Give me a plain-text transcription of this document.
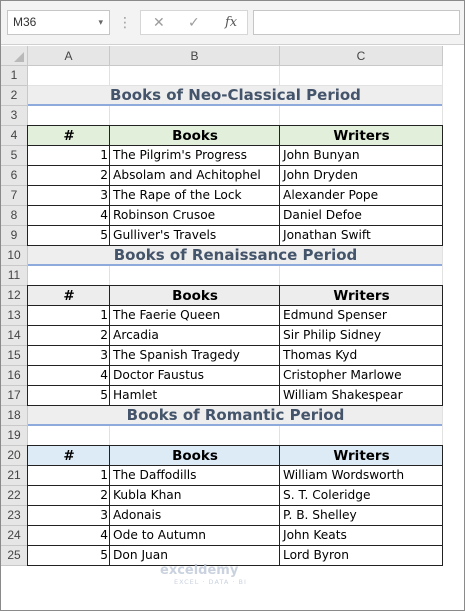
M36	▾ ⋮ ✕ ✓ fx
A	B	C
1
2
3
4
5
6
7
8
9
10
11
12
13
14
15
16
17
18
19
20
21
22
23
24
25
Books of Neo-Classical Period
#	Books	Writers
1 The Pilgrim's Progress	John Bunyan
2 Absolam and Achitophel	John Dryden
3 The Rape of the Lock	Alexander Pope
4 Robinson Crusoe	Daniel Defoe
5 Gulliver's Travels	Jonathan Swift
Books of Renaissance Period
#	Books	Writers
1 The Faerie Queen	Edmund Spenser
2 Arcadia	Sir Philip Sidney
3 The Spanish Tragedy	Thomas Kyd
4 Doctor Faustus	Cristopher Marlowe
5 Hamlet	William Shakespear
Books of Romantic Period
#	Books	Writers
1 The Daffodills	William Wordsworth
2 Kubla Khan	S. T. Coleridge
3 Adonais	P. B. Shelley
4 Ode to Autumn	John Keats
5 Don Juan	Lord Byron
exceldemy
EXCEL · DATA · BI
